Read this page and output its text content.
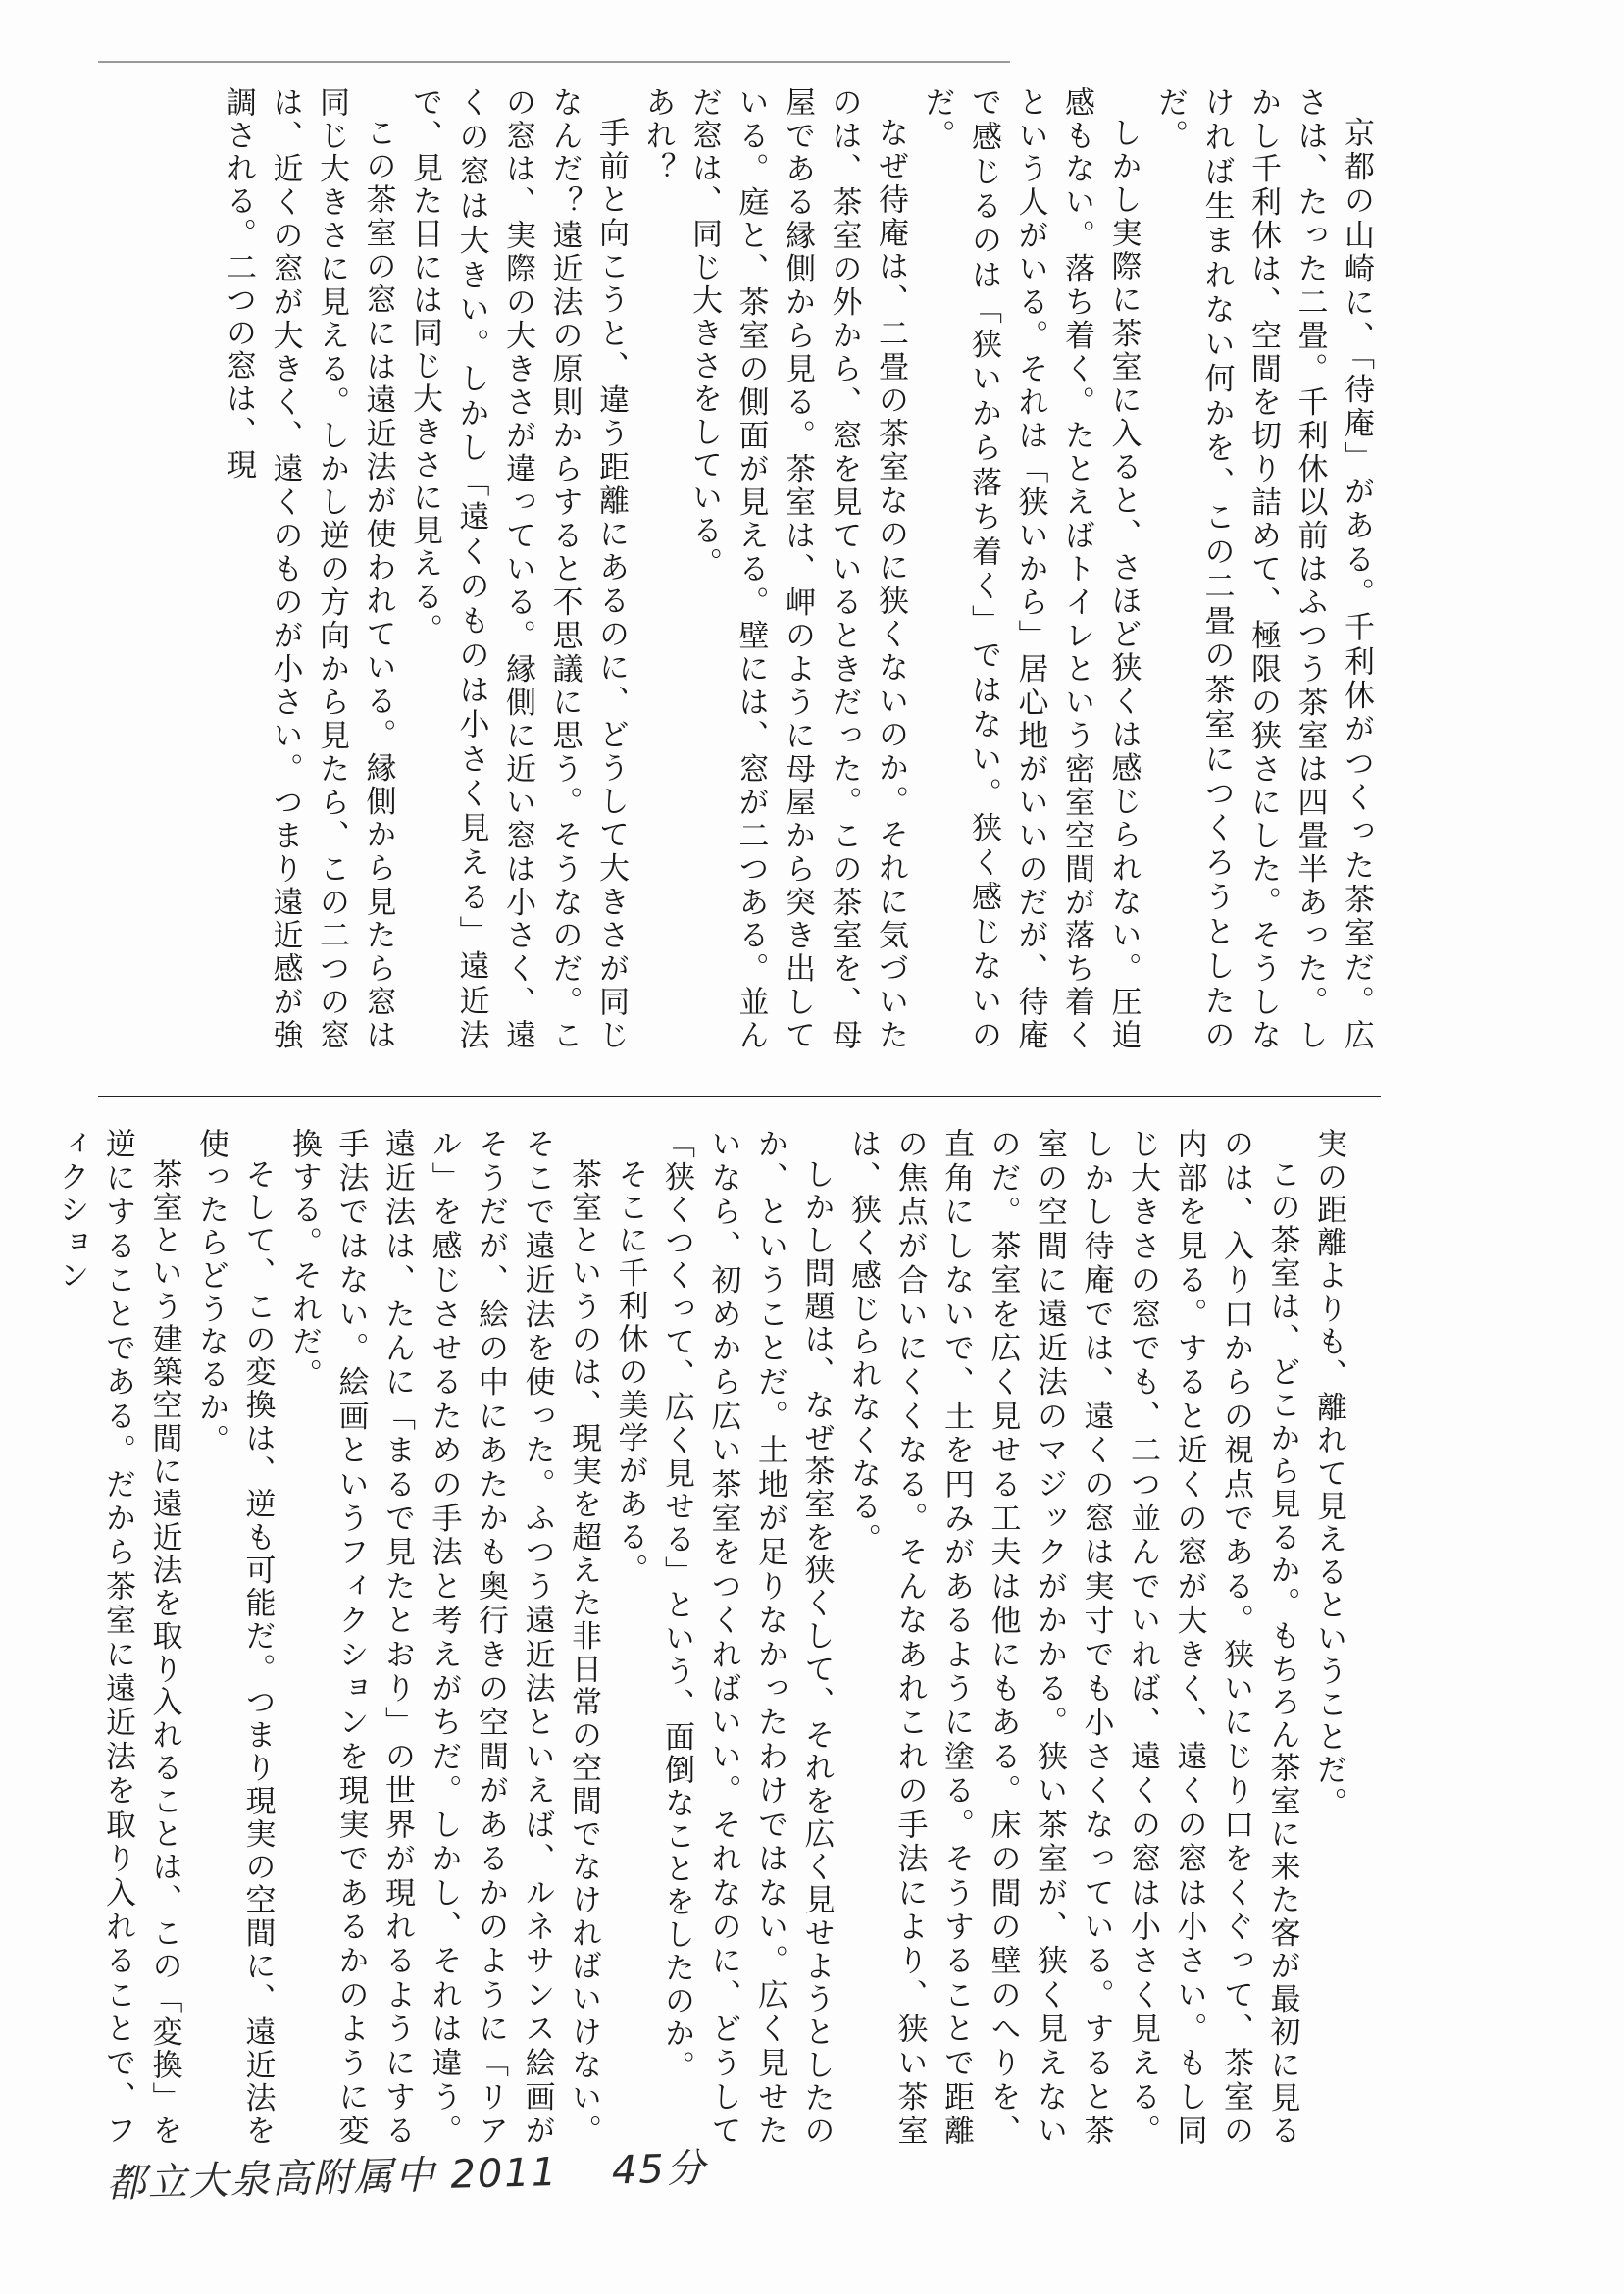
京都の山崎に、「待庵」がある。千利休がつくった茶室だ。広さは、たった二畳。千利休以前はふつう茶室は四畳半あった。しかし千利休は、空間を切り詰めて、極限の狭さにした。そうしなければ生まれない何かを、この二畳の茶室につくろうとしたのだ。

しかし実際に茶室に入ると、さほど狭くは感じられない。圧迫感もない。落ち着く。たとえばトイレという密室空間が落ち着くという人がいる。それは「狭いから」居心地がいいのだが、待庵で感じるのは「狭いから落ち着く」ではない。狭く感じないのだ。

なぜ待庵は、二畳の茶室なのに狭くないのか。それに気づいたのは、茶室の外から、窓を見ているときだった。この茶室を、母屋である縁側から見る。茶室は、岬のように母屋から突き出している。庭と、茶室の側面が見える。壁には、窓が二つある。並んだ窓は、同じ大きさをしている。

あれ？

手前と向こうと、違う距離にあるのに、どうして大きさが同じなんだ？遠近法の原則からすると不思議に思う。そうなのだ。この窓は、実際の大きさが違っている。縁側に近い窓は小さく、遠くの窓は大きい。しかし「遠くのものは小さく見える」遠近法で、見た目には同じ大きさに見える。

この茶室の窓には遠近法が使われている。縁側から見たら窓は同じ大きさに見える。しかし逆の方向から見たら、この二つの窓は、近くの窓が大きく、遠くのものが小さい。つまり遠近感が強調される。二つの窓は、現

実の距離よりも、離れて見えるということだ。

この茶室は、どこから見るか。もちろん茶室に来た客が最初に見るのは、入り口からの視点である。狭いにじり口をくぐって、茶室の内部を見る。すると近くの窓が大きく、遠くの窓は小さい。もし同じ大きさの窓でも、二つ並んでいれば、遠くの窓は小さく見える。しかし待庵では、遠くの窓は実寸でも小さくなっている。すると茶室の空間に遠近法のマジックがかかる。狭い茶室が、狭く見えないのだ。茶室を広く見せる工夫は他にもある。床の間の壁のへりを、直角にしないで、土を円みがあるように塗る。そうすることで距離の焦点が合いにくくなる。そんなあれこれの手法により、狭い茶室は、狭く感じられなくなる。

しかし問題は、なぜ茶室を狭くして、それを広く見せようとしたのか、ということだ。土地が足りなかったわけではない。広く見せたいなら、初めから広い茶室をつくればいい。それなのに、どうして「狭くつくって、広く見せる」という、面倒なことをしたのか。

そこに千利休の美学がある。

茶室というのは、現実を超えた非日常の空間でなければいけない。そこで遠近法を使った。ふつう遠近法といえば、ルネサンス絵画がそうだが、絵の中にあたかも奥行きの空間があるかのように「リアル」を感じさせるための手法と考えがちだ。しかし、それは違う。遠近法は、たんに「まるで見たとおり」の世界が現れるようにする手法ではない。絵画というフィクションを現実であるかのように変換する。それだ。

そして、この変換は、逆も可能だ。つまり現実の空間に、遠近法を使ったらどうなるか。

茶室という建築空間に遠近法を取り入れることは、この「変換」を逆にすることである。だから茶室に遠近法を取り入れることで、フィクション

都立大泉高附属中 2011 45分
